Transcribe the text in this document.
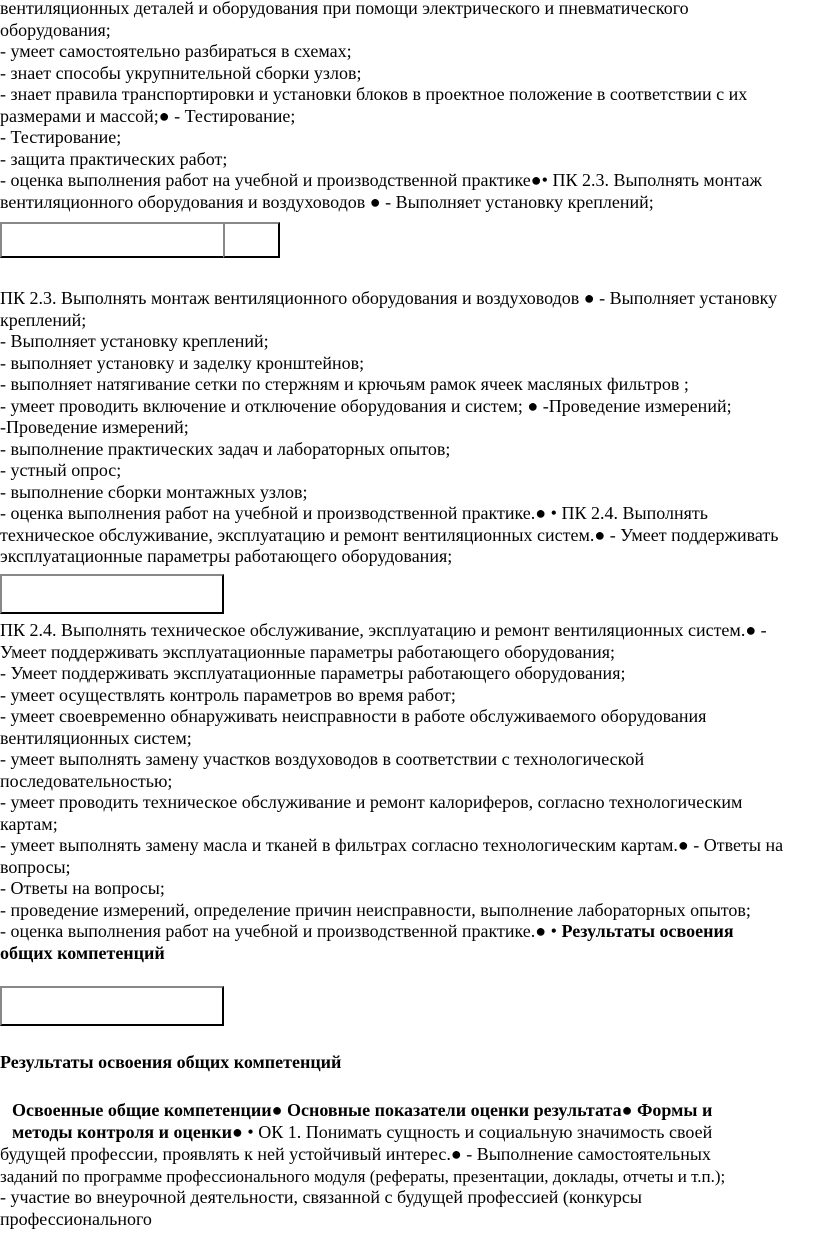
вентиляционных деталей и оборудования при помощи электрического и пневматического
оборудования;
- умеет самостоятельно разбираться в схемах;
- знает способы укрупнительной сборки узлов;
- знает правила транспортировки и установки блоков в проектное положение в соответствии с их
размерами и массой;● - Тестирование;
- Тестирование;
- защита практических работ;
- оценка выполнения работ на учебной и производственной практике●• ПК 2.3. Выполнять монтаж
вентиляционного оборудования и воздуховодов ● - Выполняет установку креплений;
ПК 2.3. Выполнять монтаж вентиляционного оборудования и воздуховодов ● - Выполняет установку
креплений;
- Выполняет установку креплений;
- выполняет установку и заделку кронштейнов;
- выполняет натягивание сетки по стержням и крючьям рамок ячеек масляных фильтров ;
- умеет проводить включение и отключение оборудования и систем; ● -Проведение измерений;
-Проведение измерений;
- выполнение практических задач и лабораторных опытов;
- устный опрос;
- выполнение сборки монтажных узлов;
- оценка выполнения работ на учебной и производственной практике.● • ПК 2.4. Выполнять
техническое обслуживание, эксплуатацию и ремонт вентиляционных систем.● - Умеет поддерживать
эксплуатационные параметры работающего оборудования;
ПК 2.4. Выполнять техническое обслуживание, эксплуатацию и ремонт вентиляционных систем.● -
Умеет поддерживать эксплуатационные параметры работающего оборудования;
- Умеет поддерживать эксплуатационные параметры работающего оборудования;
- умеет осуществлять контроль параметров во время работ;
- умеет своевременно обнаруживать неисправности в работе обслуживаемого оборудования
вентиляционных систем;
- умеет выполнять замену участков воздуховодов в соответствии с технологической
последовательностью;
- умеет проводить техническое обслуживание и ремонт калориферов, согласно технологическим
картам;
- умеет выполнять замену масла и тканей в фильтрах согласно технологическим картам.● - Ответы на
вопросы;
- Ответы на вопросы;
- проведение измерений, определение причин неисправности, выполнение лабораторных опытов;
- оценка выполнения работ на учебной и производственной практике.● • Результаты освоения
общих компетенций
Результаты освоения общих компетенций
Освоенные общие компетенции● Основные показатели оценки результата● Формы и
методы контроля и оценки● • ОК 1. Понимать сущность и социальную значимость своей
будущей профессии, проявлять к ней устойчивый интерес.● - Выполнение самостоятельных
заданий по программе профессионального модуля (рефераты, презентации, доклады, отчеты и т.п.);
- участие во внеурочной деятельности, связанной с будущей профессией (конкурсы
профессионального
